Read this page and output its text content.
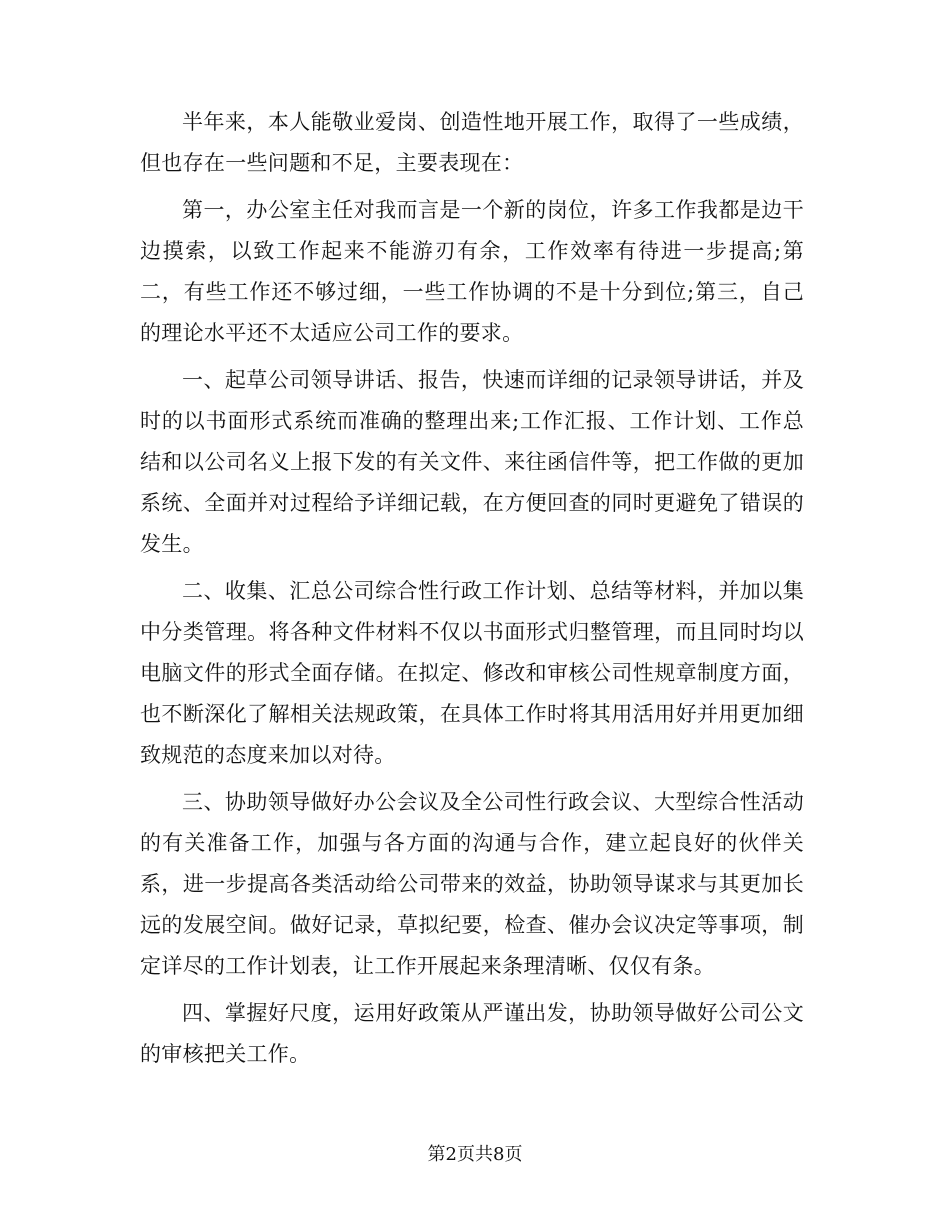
半年来，本人能敬业爱岗、创造性地开展工作，取得了一些成绩，但也存在一些问题和不足，主要表现在：

第一，办公室主任对我而言是一个新的岗位，许多工作我都是边干边摸索，以致工作起来不能游刃有余，工作效率有待进一步提高;第二，有些工作还不够过细，一些工作协调的不是十分到位;第三，自己的理论水平还不太适应公司工作的要求。

一、起草公司领导讲话、报告，快速而详细的记录领导讲话，并及时的以书面形式系统而准确的整理出来;工作汇报、工作计划、工作总结和以公司名义上报下发的有关文件、来往函信件等，把工作做的更加系统、全面并对过程给予详细记载，在方便回查的同时更避免了错误的发生。

二、收集、汇总公司综合性行政工作计划、总结等材料，并加以集中分类管理。将各种文件材料不仅以书面形式归整管理，而且同时均以电脑文件的形式全面存储。在拟定、修改和审核公司性规章制度方面，也不断深化了解相关法规政策，在具体工作时将其用活用好并用更加细致规范的态度来加以对待。

三、协助领导做好办公会议及全公司性行政会议、大型综合性活动的有关准备工作，加强与各方面的沟通与合作，建立起良好的伙伴关系，进一步提高各类活动给公司带来的效益，协助领导谋求与其更加长远的发展空间。做好记录，草拟纪要，检查、催办会议决定等事项，制定详尽的工作计划表，让工作开展起来条理清晰、仅仅有条。

四、掌握好尺度，运用好政策从严谨出发，协助领导做好公司公文的审核把关工作。

第2页共8页
